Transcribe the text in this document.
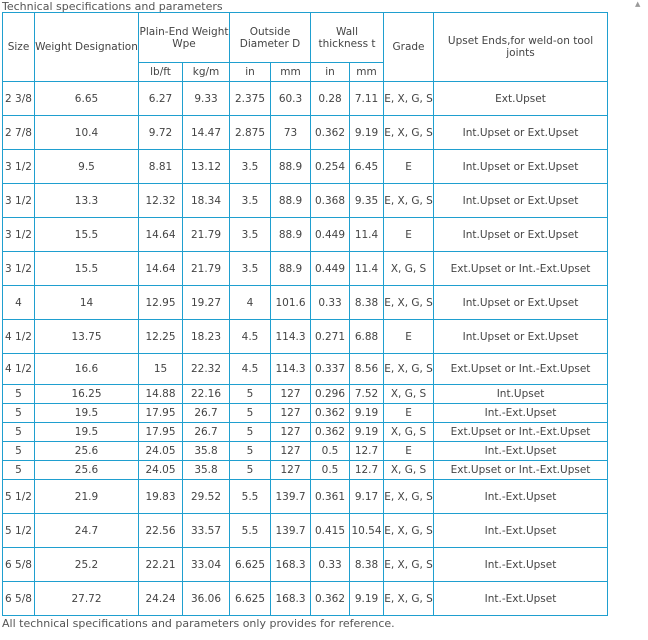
Technical specifications and parameters
Size	Weight Designation	Plain-End Weight Wpe		Outside Diameter D		Wall thickness t		Grade	Upset Ends,for weld-on tool joints
		lb/ft	kg/m	in	mm	in	mm		
2 3/8	6.65	6.27	9.33	2.375	60.3	0.28	7.11	E, X, G, S	Ext.Upset
2 7/8	10.4	9.72	14.47	2.875	73	0.362	9.19	E, X, G, S	Int.Upset or Ext.Upset
3 1/2	9.5	8.81	13.12	3.5	88.9	0.254	6.45	E	Int.Upset or Ext.Upset
3 1/2	13.3	12.32	18.34	3.5	88.9	0.368	9.35	E, X, G, S	Int.Upset or Ext.Upset
3 1/2	15.5	14.64	21.79	3.5	88.9	0.449	11.4	E	Int.Upset or Ext.Upset
3 1/2	15.5	14.64	21.79	3.5	88.9	0.449	11.4	X, G, S	Ext.Upset or Int.-Ext.Upset
4	14	12.95	19.27	4	101.6	0.33	8.38	E, X, G, S	Int.Upset or Ext.Upset
4 1/2	13.75	12.25	18.23	4.5	114.3	0.271	6.88	E	Int.Upset or Ext.Upset
4 1/2	16.6	15	22.32	4.5	114.3	0.337	8.56	E, X, G, S	Ext.Upset or Int.-Ext.Upset
5	16.25	14.88	22.16	5	127	0.296	7.52	X, G, S	Int.Upset
5	19.5	17.95	26.7	5	127	0.362	9.19	E	Int.-Ext.Upset
5	19.5	17.95	26.7	5	127	0.362	9.19	X, G, S	Ext.Upset or Int.-Ext.Upset
5	25.6	24.05	35.8	5	127	0.5	12.7	E	Int.-Ext.Upset
5	25.6	24.05	35.8	5	127	0.5	12.7	X, G, S	Ext.Upset or Int.-Ext.Upset
5 1/2	21.9	19.83	29.52	5.5	139.7	0.361	9.17	E, X, G, S	Int.-Ext.Upset
5 1/2	24.7	22.56	33.57	5.5	139.7	0.415	10.54	E, X, G, S	Int.-Ext.Upset
6 5/8	25.2	22.21	33.04	6.625	168.3	0.33	8.38	E, X, G, S	Int.-Ext.Upset
6 5/8	27.72	24.24	36.06	6.625	168.3	0.362	9.19	E, X, G, S	Int.-Ext.Upset
All technical specifications and parameters only provides for reference.
▲
